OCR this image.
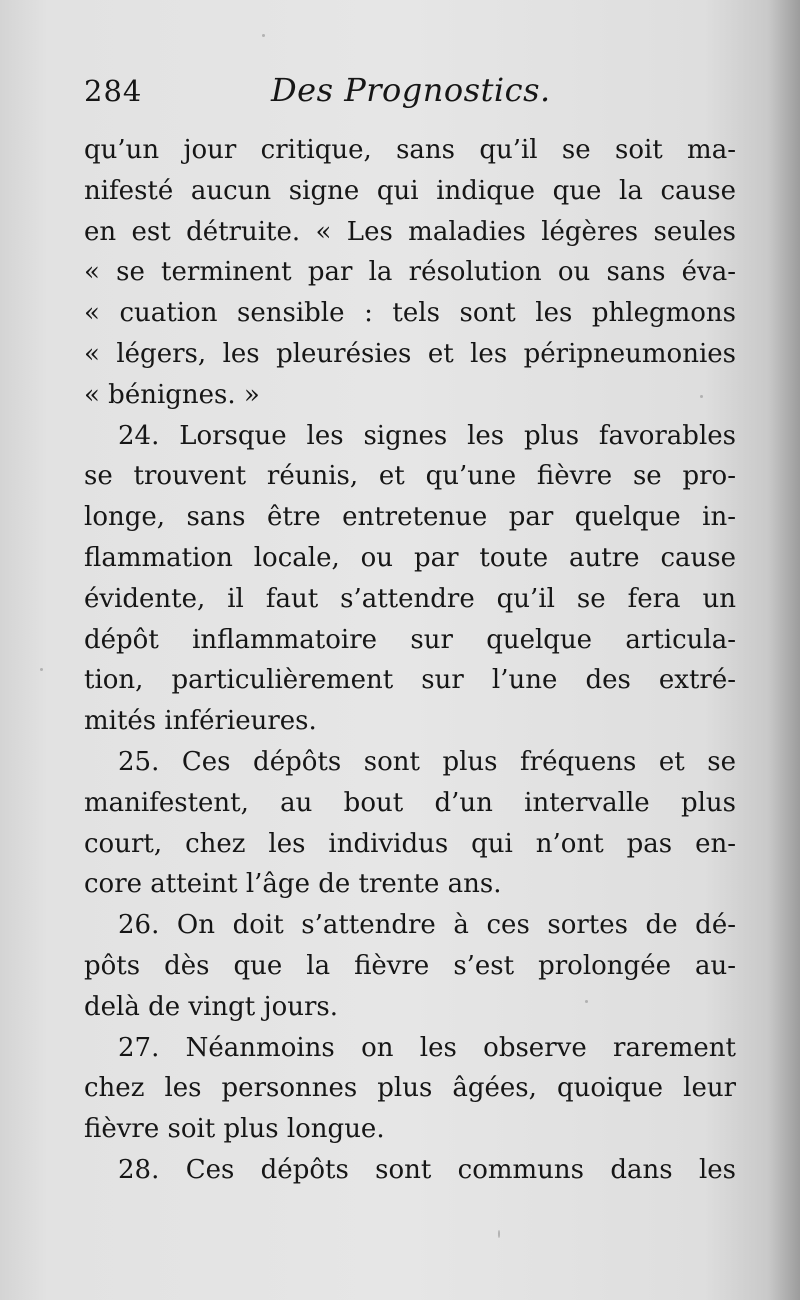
284	Des Prognostics.
qu’un jour critique, sans qu’il se soit ma-
nifesté aucun signe qui indique que la cause
en est détruite. « Les maladies légères seules
« se terminent par la résolution ou sans éva-
« cuation sensible : tels sont les phlegmons
« légers, les pleurésies et les péripneumonies
« bénignes. »
24. Lorsque les signes les plus favorables
se trouvent réunis, et qu’une fièvre se pro-
longe, sans être entretenue par quelque in-
flammation locale, ou par toute autre cause
évidente, il faut s’attendre qu’il se fera un
dépôt inflammatoire sur quelque articula-
tion, particulièrement sur l’une des extré-
mités inférieures.
25. Ces dépôts sont plus fréquens et se
manifestent, au bout d’un intervalle plus
court, chez les individus qui n’ont pas en-
core atteint l’âge de trente ans.
26. On doit s’attendre à ces sortes de dé-
pôts dès que la fièvre s’est prolongée au-
delà de vingt jours.
27. Néanmoins on les observe rarement
chez les personnes plus âgées, quoique leur
fièvre soit plus longue.
28. Ces dépôts sont communs dans les
